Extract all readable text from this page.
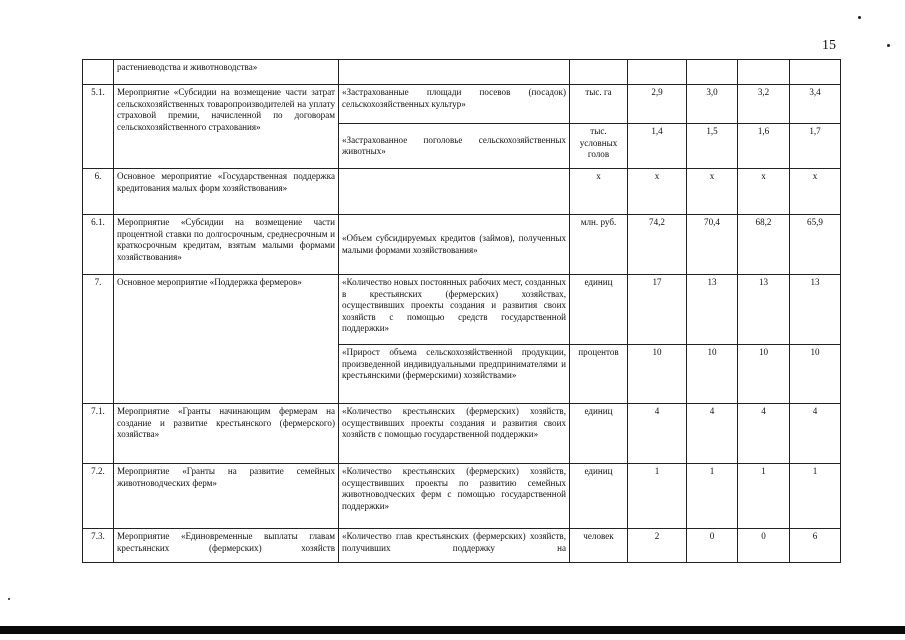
15
	растениеводства и животноводства»						
5.1.	Мероприятие «Субсидии на возмещение части затрат сельскохозяйственных товаропроизводителей на уплату страховой премии, начисленной по договорам сельскохозяйственного страхования»	«Застрахованные площади посевов (посадок) сельскохозяйственных культур»	тыс. га	2,9	3,0	3,2	3,4
		«Застрахованное поголовье сельскохозяйственных животных»	тыс. условных голов	1,4	1,5	1,6	1,7
6.	Основное мероприятие «Государственная поддержка кредитования малых форм хозяйствования»		х	х	х	х	х
6.1.	Мероприятие «Субсидии на возмещение части процентной ставки по долгосрочным, среднесрочным и краткосрочным кредитам, взятым малыми формами хозяйствования»	«Объем субсидируемых кредитов (займов), полученных малыми формами хозяйствования»	млн. руб.	74,2	70,4	68,2	65,9
7.	Основное мероприятие «Поддержка фермеров»	«Количество новых постоянных рабочих мест, созданных в крестьянских (фермерских) хозяйствах, осуществивших проекты создания и развития своих хозяйств с помощью средств государственной поддержки»	единиц	17	13	13	13
		«Прирост объема сельскохозяйственной продукции, произведенной индивидуальными предпринимателями и крестьянскими (фермерскими) хозяйствами»	процентов	10	10	10	10
7.1.	Мероприятие «Гранты начинающим фермерам на создание и развитие крестьянского (фермерского) хозяйства»	«Количество крестьянских (фермерских) хозяйств, осуществивших проекты создания и развития своих хозяйств с помощью государственной поддержки»	единиц	4	4	4	4
7.2.	Мероприятие «Гранты на развитие семейных животноводческих ферм»	«Количество крестьянских (фермерских) хозяйств, осуществивших проекты по развитию семейных животноводческих ферм с помощью государственной поддержки»	единиц	1	1	1	1
7.3.	Мероприятие «Единовременные выплаты главам крестьянских (фермерских) хозяйств	«Количество глав крестьянских (фермерских) хозяйств, получивших поддержку на	человек	2	0	0	6
